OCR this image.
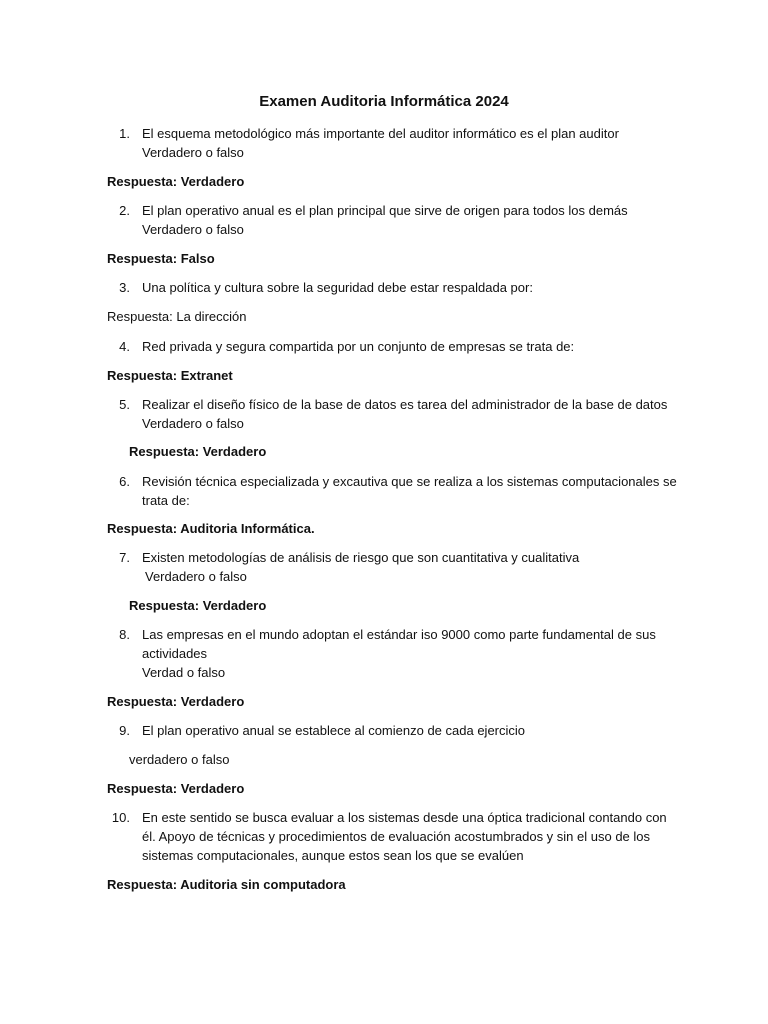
Examen Auditoria Informática 2024
1. El esquema metodológico más importante del auditor informático es el plan auditor
Verdadero o falso
Respuesta: Verdadero
2. El plan operativo anual es el plan principal que sirve de origen para todos los demás
Verdadero o falso
Respuesta: Falso
3. Una política y cultura sobre la seguridad debe estar respaldada por:
Respuesta: La dirección
4. Red privada y segura compartida por un conjunto de empresas se trata de:
Respuesta: Extranet
5. Realizar el diseño físico de la base de datos es tarea del administrador de la base de datos
Verdadero o falso
Respuesta: Verdadero
6. Revisión técnica especializada y excautiva que se realiza a los sistemas computacionales se
trata de:
Respuesta: Auditoria Informática.
7. Existen metodologías de análisis de riesgo que son cuantitativa y cualitativa
Verdadero o falso
Respuesta: Verdadero
8. Las empresas en el mundo adoptan el estándar iso 9000 como parte fundamental de sus
actividades
Verdad o falso
Respuesta: Verdadero
9. El plan operativo anual se establece al comienzo de cada ejercicio
verdadero o falso
Respuesta: Verdadero
10. En este sentido se busca evaluar a los sistemas desde una óptica tradicional contando con
él. Apoyo de técnicas y procedimientos de evaluación acostumbrados y sin el uso de los
sistemas computacionales, aunque estos sean los que se evalúen
Respuesta: Auditoria sin computadora
